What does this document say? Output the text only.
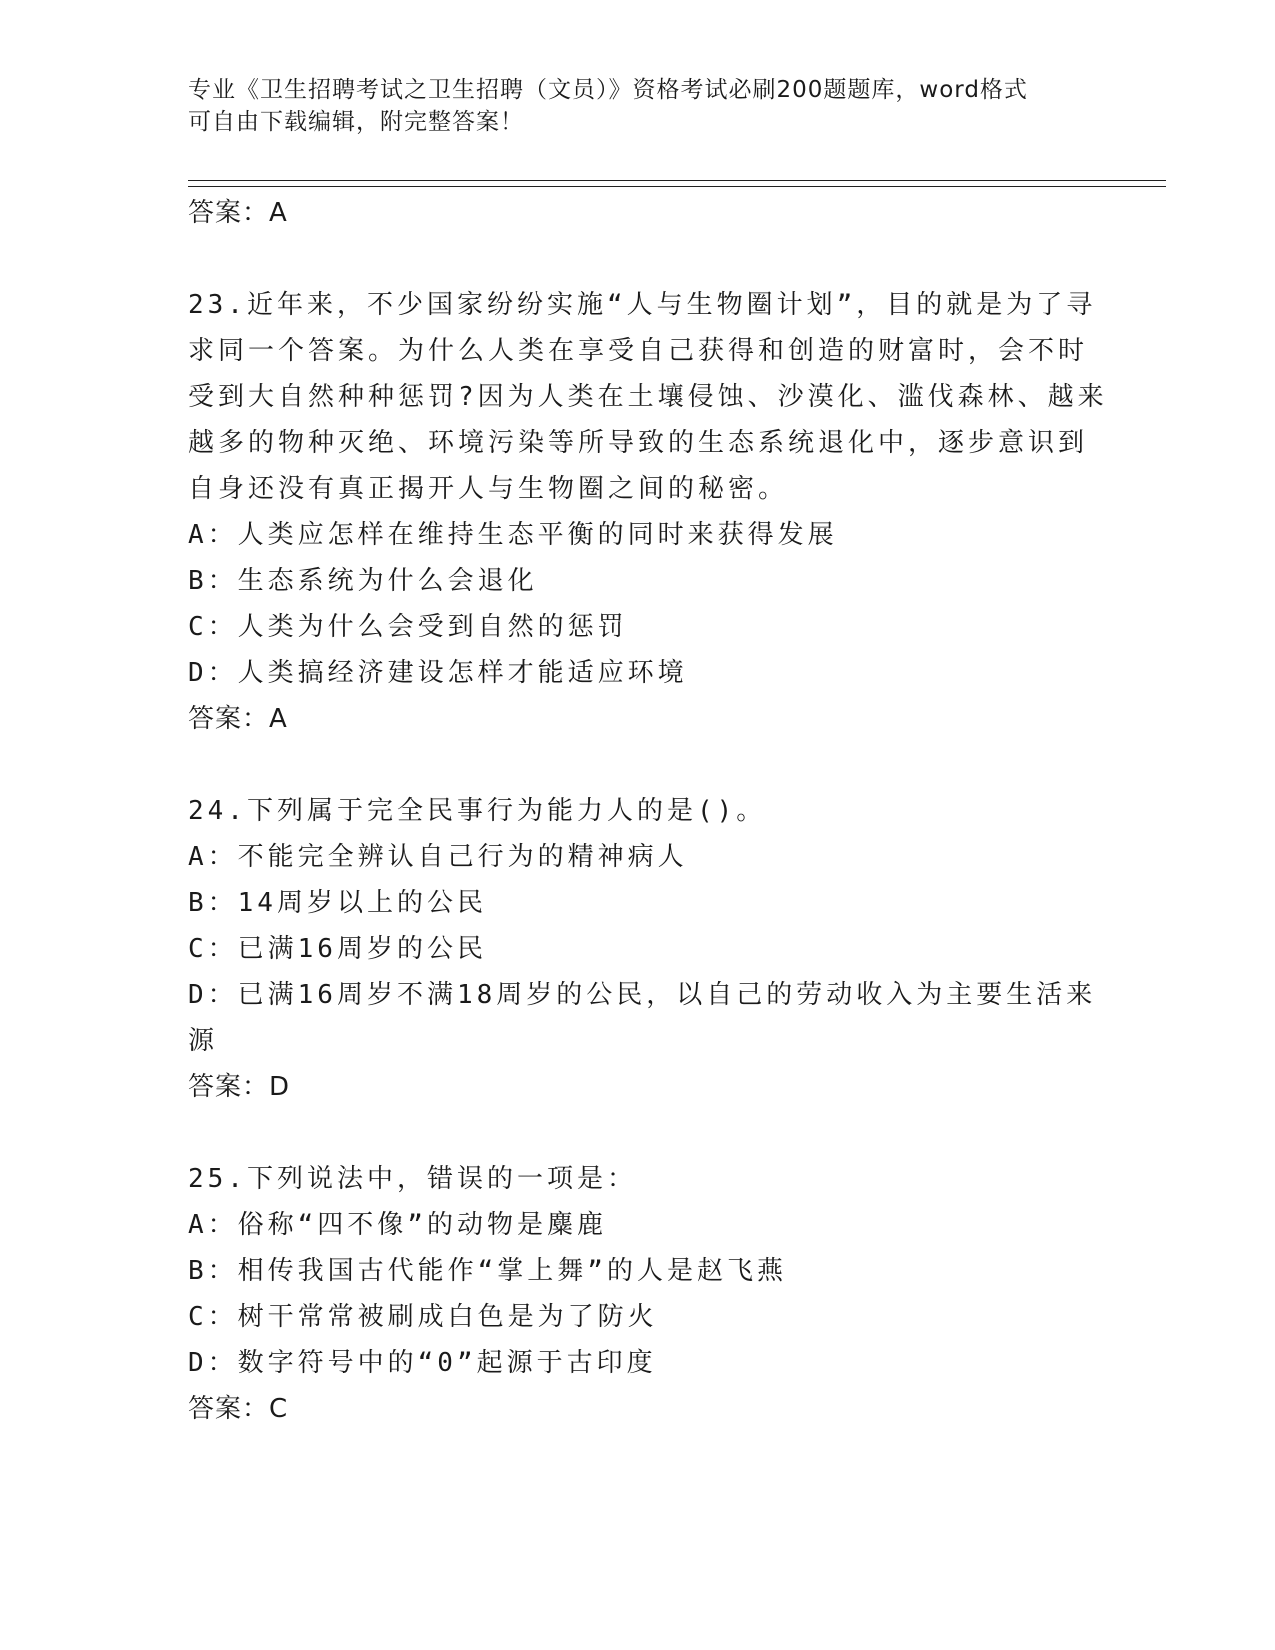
专业《卫生招聘考试之卫生招聘（文员）》资格考试必刷200题题库，word格式
可自由下载编辑，附完整答案！
答案：A
23.近年来，不少国家纷纷实施“人与生物圈计划”，目的就是为了寻
求同一个答案。为什么人类在享受自己获得和创造的财富时，会不时
受到大自然种种惩罚?因为人类在土壤侵蚀、沙漠化、滥伐森林、越来
越多的物种灭绝、环境污染等所导致的生态系统退化中，逐步意识到
自身还没有真正揭开人与生物圈之间的秘密。
A：人类应怎样在维持生态平衡的同时来获得发展
B：生态系统为什么会退化
C：人类为什么会受到自然的惩罚
D：人类搞经济建设怎样才能适应环境
答案：A
24.下列属于完全民事行为能力人的是()。
A：不能完全辨认自己行为的精神病人
B：14周岁以上的公民
C：已满16周岁的公民
D：已满16周岁不满18周岁的公民，以自己的劳动收入为主要生活来
源
答案：D
25.下列说法中，错误的一项是：
A：俗称“四不像”的动物是麋鹿
B：相传我国古代能作“掌上舞”的人是赵飞燕
C：树干常常被刷成白色是为了防火
D：数字符号中的“0”起源于古印度
答案：C
